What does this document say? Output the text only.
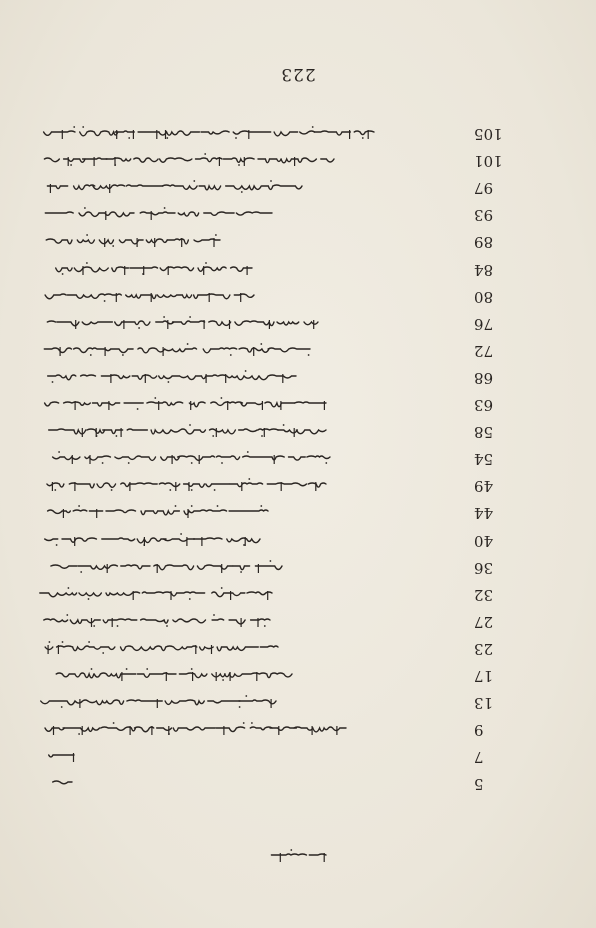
223
105
101
97
93
89
84
80
76
72
68
63
58
54
49
44
40
36
32
27
23
17
13
9
7
5
